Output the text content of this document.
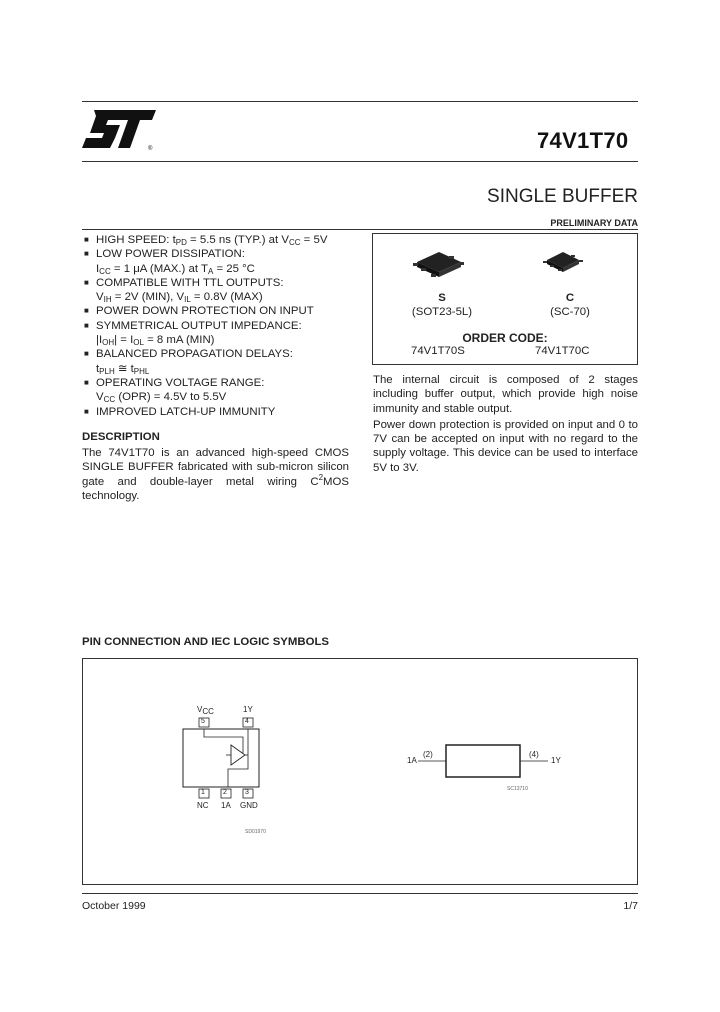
®	74V1T70
SINGLE BUFFER
PRELIMINARY DATA
■ HIGH SPEED: $t_{PD} = 5.5$ ns (TYP.) at $V_{CC} = 5V$
■ LOW POWER DISSIPATION:
$I_{CC} = 1$ μA (MAX.) at $T_A = 25$ °C
■ COMPATIBLE WITH TTL OUTPUTS:
$V_{IH} = 2V$ (MIN), $V_{IL} = 0.8V$ (MAX)
■ POWER DOWN PROTECTION ON INPUT
■ SYMMETRICAL OUTPUT IMPEDANCE:
$|I_{OH}| = I_{OL} = 8$ mA (MIN)
■ BALANCED PROPAGATION DELAYS:
$t_{PLH}$ ≅ $t_{PHL}$
■ OPERATING VOLTAGE RANGE:
$V_{CC}$ (OPR) = 4.5V to 5.5V
■ IMPROVED LATCH-UP IMMUNITY
DESCRIPTION
The 74V1T70 is an advanced high-speed CMOS SINGLE BUFFER fabricated with sub-micron silicon gate and double-layer metal wiring $C^2MOS$ technology.
S
(SOT23-5L)
C
(SC-70)
ORDER CODE:
74V1T70S	74V1T70C
The internal circuit is composed of 2 stages including buffer output, which provide high noise immunity and stable output.
Power down protection is provided on input and 0 to 7V can be accepted on input with no regard to the supply voltage. This device can be used to interface 5V to 3V.
PIN CONNECTION AND IEC LOGIC SYMBOLS
$V_{CC}$	1Y
5	4
1	2	3
NC 1A GND
SD01970
1A
(2)	(4)
1Y
SC13710
October 1999	1/7
